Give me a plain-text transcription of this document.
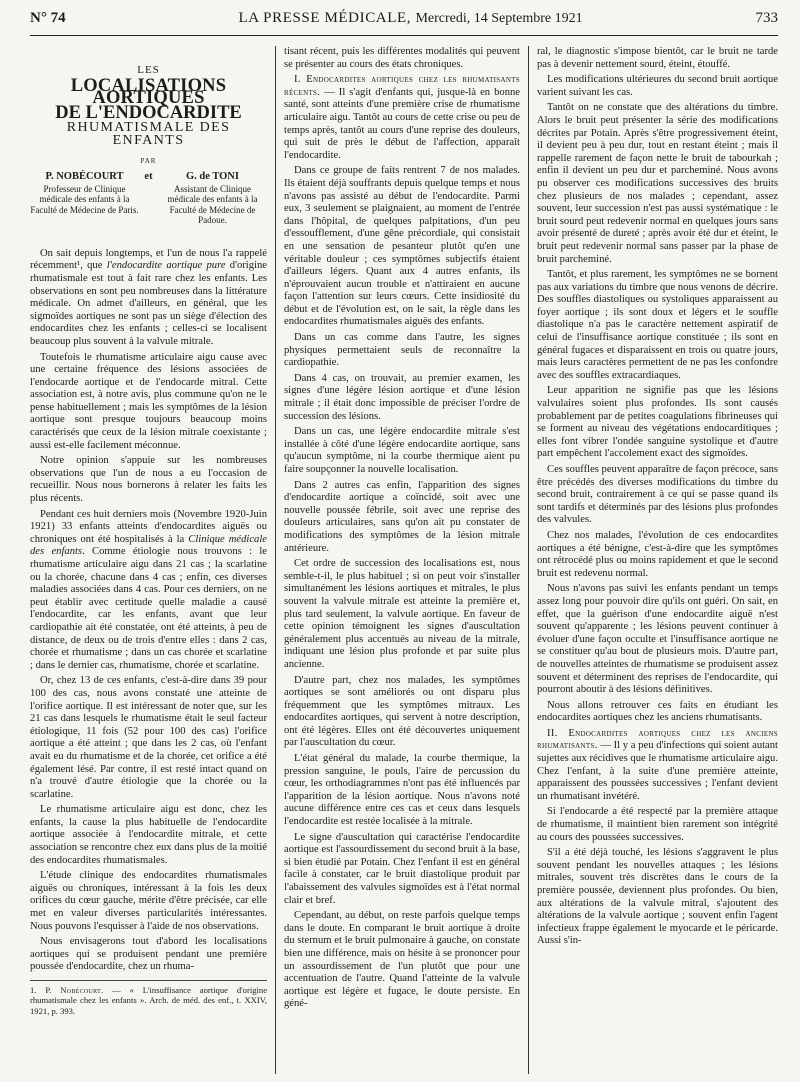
N° 74	LA PRESSE MÉDICALE, Mercredi, 14 Septembre 1921	733
LES
LOCALISATIONS AORTIQUES
DE L'ENDOCARDITE
RHUMATISMALE DES ENFANTS
PAR
P. NOBÉCOURT
Professeur de Clinique médicale des enfants à la Faculté de Médecine de Paris.
et	G. de TONI
Assistant de Clinique médicale des enfants à la Faculté de Médecine de Padoue.

On sait depuis longtemps, et l'un de nous l'a rappelé récemment¹, que l'endocardite aortique pure d'origine rhumatismale est tout à fait rare chez les enfants. Les observations en sont peu nombreuses dans la littérature médicale. On admet d'ailleurs, en général, que les sigmoïdes aortiques ne sont pas un siège d'élection des endocardites chez les enfants ; celles-ci se localisent beaucoup plus souvent à la valvule mitrale.

Toutefois le rhumatisme articulaire aigu cause avec une certaine fréquence des lésions associées de l'endocarde aortique et de l'endocarde mitral. Cette association est, à notre avis, plus commune qu'on ne le pense habituellement ; mais les symptômes de la lésion aortique sont presque toujours beaucoup moins caractérisés que ceux de la lésion mitrale coexistante ; aussi est-elle facilement méconnue.

Notre opinion s'appuie sur les nombreuses observations que l'un de nous a eu l'occasion de recueillir. Nous nous bornerons à relater les faits les plus récents.

Pendant ces huit derniers mois (Novembre 1920-Juin 1921) 33 enfants atteints d'endocardites aiguës ou chroniques ont été hospitalisés à la Clinique médicale des enfants. Comme étiologie nous trouvons : le rhumatisme articulaire aigu dans 21 cas ; la scarlatine ou la chorée, chacune dans 4 cas ; enfin, ces diverses maladies associées dans 4 cas. Pour ces derniers, on ne peut établir avec certitude quelle maladie a causé l'endocardite, car les enfants, avant que leur cardiopathie ait été constatée, ont été atteints, à peu de distance, de deux ou de trois d'entre elles : dans 2 cas, chorée et rhumatisme ; dans un cas chorée et scarlatine ; dans le dernier cas, rhumatisme, chorée et scarlatine.

Or, chez 13 de ces enfants, c'est-à-dire dans 39 pour 100 des cas, nous avons constaté une atteinte de l'orifice aortique. Il est intéressant de noter que, sur les 21 cas dans lesquels le rhumatisme était le seul facteur étiologique, 11 fois (52 pour 100 des cas) l'orifice aortique a été atteint ; que dans les 2 cas, où l'enfant avait eu du rhumatisme et de la chorée, cet orifice a été également lésé. Par contre, il est resté intact quand on n'a trouvé d'autre étiologie que la chorée ou la scarlatine.

Le rhumatisme articulaire aigu est donc, chez les enfants, la cause la plus habituelle de l'endocardite aortique associée à l'endocardite mitrale, et cette association se rencontre chez eux dans plus de la moitié des endocardites rhumatismales.

L'étude clinique des endocardites rhumatismales aiguës ou chroniques, intéressant à la fois les deux orifices du cœur gauche, mérite d'être précisée, car elle met en valeur diverses particularités intéressantes. Nous pouvons l'esquisser à l'aide de nos observations.

Nous envisagerons tout d'abord les localisations aortiques qui se produisent pendant une première poussée d'endocardite, chez un rhuma-

1. P. Nobécourt. — « L'insuffisance aortique d'origine rhumatismale chez les enfants ». Arch. de méd. des enf., t. XXIV, 1921, p. 393.

tisant récent, puis les différentes modalités qui peuvent se présenter au cours des états chroniques.

I. Endocardites aortiques chez les rhumatisants récents. — Il s'agit d'enfants qui, jusque-là en bonne santé, sont atteints d'une première crise de rhumatisme articulaire aigu. Tantôt au cours de cette crise ou peu de temps après, tantôt au cours d'une reprise des douleurs, qui suit de près le début de l'affection, apparaît l'endocardite.

Dans ce groupe de faits rentrent 7 de nos malades. Ils étaient déjà souffrants depuis quelque temps et nous n'avons pas assisté au début de l'endocardite. Parmi eux, 3 seulement se plaignaient, au moment de l'entrée dans l'hôpital, de quelques palpitations, d'un peu d'essoufflement, d'une gêne précordiale, qui consistait en une sensation de pesanteur plutôt qu'en une véritable douleur ; ces symptômes subjectifs étaient d'ailleurs légers. Quant aux 4 autres enfants, ils n'éprouvaient aucun trouble et n'attiraient en aucune façon l'attention sur leurs cœurs. Cette insidiosité du début et de l'évolution est, on le sait, la règle dans les endocardites rhumatismales aiguës des enfants.

Dans un cas comme dans l'autre, les signes physiques permettaient seuls de reconnaître la cardiopathie.

Dans 4 cas, on trouvait, au premier examen, les signes d'une légère lésion aortique et d'une lésion mitrale ; il était donc impossible de préciser l'ordre de succession des lésions.

Dans un cas, une légère endocardite mitrale s'est installée à côté d'une légère endocardite aortique, sans qu'aucun symptôme, ni la courbe thermique aient pu faire soupçonner la nouvelle localisation.

Dans 2 autres cas enfin, l'apparition des signes d'endocardite aortique a coïncidé, soit avec une nouvelle poussée fébrile, soit avec une reprise des douleurs articulaires, sans qu'on ait pu constater de modifications des symptômes de la lésion mitrale antérieure.

Cet ordre de succession des localisations est, nous semble-t-il, le plus habituel ; si on peut voir s'installer simultanément les lésions aortiques et mitrales, le plus souvent la valvule mitrale est atteinte la première et, plus tard seulement, la valvule aortique. En faveur de cette opinion témoignent les signes d'auscultation généralement plus accentués au niveau de la mitrale, indiquant une lésion plus profonde et par suite plus ancienne.

D'autre part, chez nos malades, les symptômes aortiques se sont améliorés ou ont disparu plus fréquemment que les symptômes mitraux. Les endocardites aortiques, qui servent à notre description, ont été légères. Elles ont été découvertes uniquement par l'auscultation du cœur.

L'état général du malade, la courbe thermique, la pression sanguine, le pouls, l'aire de percussion du cœur, les orthodiagrammes n'ont pas été influencés par l'apparition de la lésion aortique. Nous n'avons noté aucune différence entre ces cas et ceux dans lesquels l'endocardite est restée localisée à la mitrale.

Le signe d'auscultation qui caractérise l'endocardite aortique est l'assourdissement du second bruit à la base, si bien étudié par Potain. Chez l'enfant il est en général facile à constater, car le bruit diastolique produit par l'abaissement des valvules sigmoïdes est à l'état normal clair et bref.

Cependant, au début, on reste parfois quelque temps dans le doute. En comparant le bruit aortique à droite du sternum et le bruit pulmonaire à gauche, on constate bien une différence, mais on hésite à se prononcer pour un assourdissement de l'un plutôt que pour une accentuation de l'autre. Quand l'atteinte de la valvule aortique est légère et fugace, le doute persiste. En géné-

ral, le diagnostic s'impose bientôt, car le bruit ne tarde pas à devenir nettement sourd, éteint, étouffé.

Les modifications ultérieures du second bruit aortique varient suivant les cas.

Tantôt on ne constate que des altérations du timbre. Alors le bruit peut présenter la série des modifications décrites par Potain. Après s'être progressivement éteint, il devient peu à peu dur, tout en restant éteint ; mais il rappelle rarement de façon nette le bruit de tabourkah ; enfin il devient un peu dur et parcheminé. Nous avons pu observer ces modifications successives des bruits chez plusieurs de nos malades ; cependant, assez souvent, leur succession n'est pas aussi systématique : le bruit sourd peut redevenir normal en quelques jours sans avoir présenté de dureté ; après avoir été dur et éteint, le bruit peut redevenir normal sans passer par la phase de bruit parcheminé.

Tantôt, et plus rarement, les symptômes ne se bornent pas aux variations du timbre que nous venons de décrire. Des souffles diastoliques ou systoliques apparaissent au foyer aortique ; ils sont doux et légers et le souffle diastolique n'a pas le caractère nettement aspiratif de celui de l'insuffisance aortique constituée ; ils sont en général fugaces et disparaissent en trois ou quatre jours, mais leurs caractères permettent de ne pas les confondre avec des souffles extracardiaques.

Leur apparition ne signifie pas que les lésions valvulaires soient plus profondes. Ils sont causés probablement par de petites coagulations fibrineuses qui se forment au niveau des végétations endocarditiques ; elles font vibrer l'ondée sanguine systolique et d'autre part empêchent l'accolement exact des sigmoïdes.

Ces souffles peuvent apparaître de façon précoce, sans être précédés des diverses modifications du timbre du second bruit, contrairement à ce qui se passe quand ils sont tardifs et déterminés par des lésions plus profondes des valvules.

Chez nos malades, l'évolution de ces endocardites aortiques a été bénigne, c'est-à-dire que les symptômes ont rétrocédé plus ou moins rapidement et que le second bruit est redevenu normal.

Nous n'avons pas suivi les enfants pendant un temps assez long pour pouvoir dire qu'ils ont guéri. On sait, en effet, que la guérison d'une endocardite aiguë n'est souvent qu'apparente ; les lésions peuvent continuer à évoluer d'une façon occulte et l'insuffisance aortique ne se constituer qu'au bout de plusieurs mois. D'autre part, de nouvelles atteintes de rhumatisme se produisent assez souvent et déterminent des reprises de l'endocardite, qui pourront aboutir à des lésions définitives.

Nous allons retrouver ces faits en étudiant les endocardites aortiques chez les anciens rhumatisants.

II. Endocardites aortiques chez les anciens rhumatisants. — Il y a peu d'infections qui soient autant sujettes aux récidives que le rhumatisme articulaire aigu. Chez l'enfant, à la suite d'une première atteinte, apparaissent des poussées successives ; l'enfant devient un rhumatisant invétéré.

Si l'endocarde a été respecté par la première attaque de rhumatisme, il maintient bien rarement son intégrité au cours des poussées successives.

S'il a été déjà touché, les lésions s'aggravent le plus souvent pendant les nouvelles attaques ; les lésions mitrales, souvent très discrètes dans le cours de la première poussée, deviennent plus profondes. Ou bien, aux altérations de la valvule mitral, s'ajoutent des altérations de la valvule aortique ; souvent enfin l'agent infectieux frappe également le myocarde et le péricarde. Aussi s'in-
